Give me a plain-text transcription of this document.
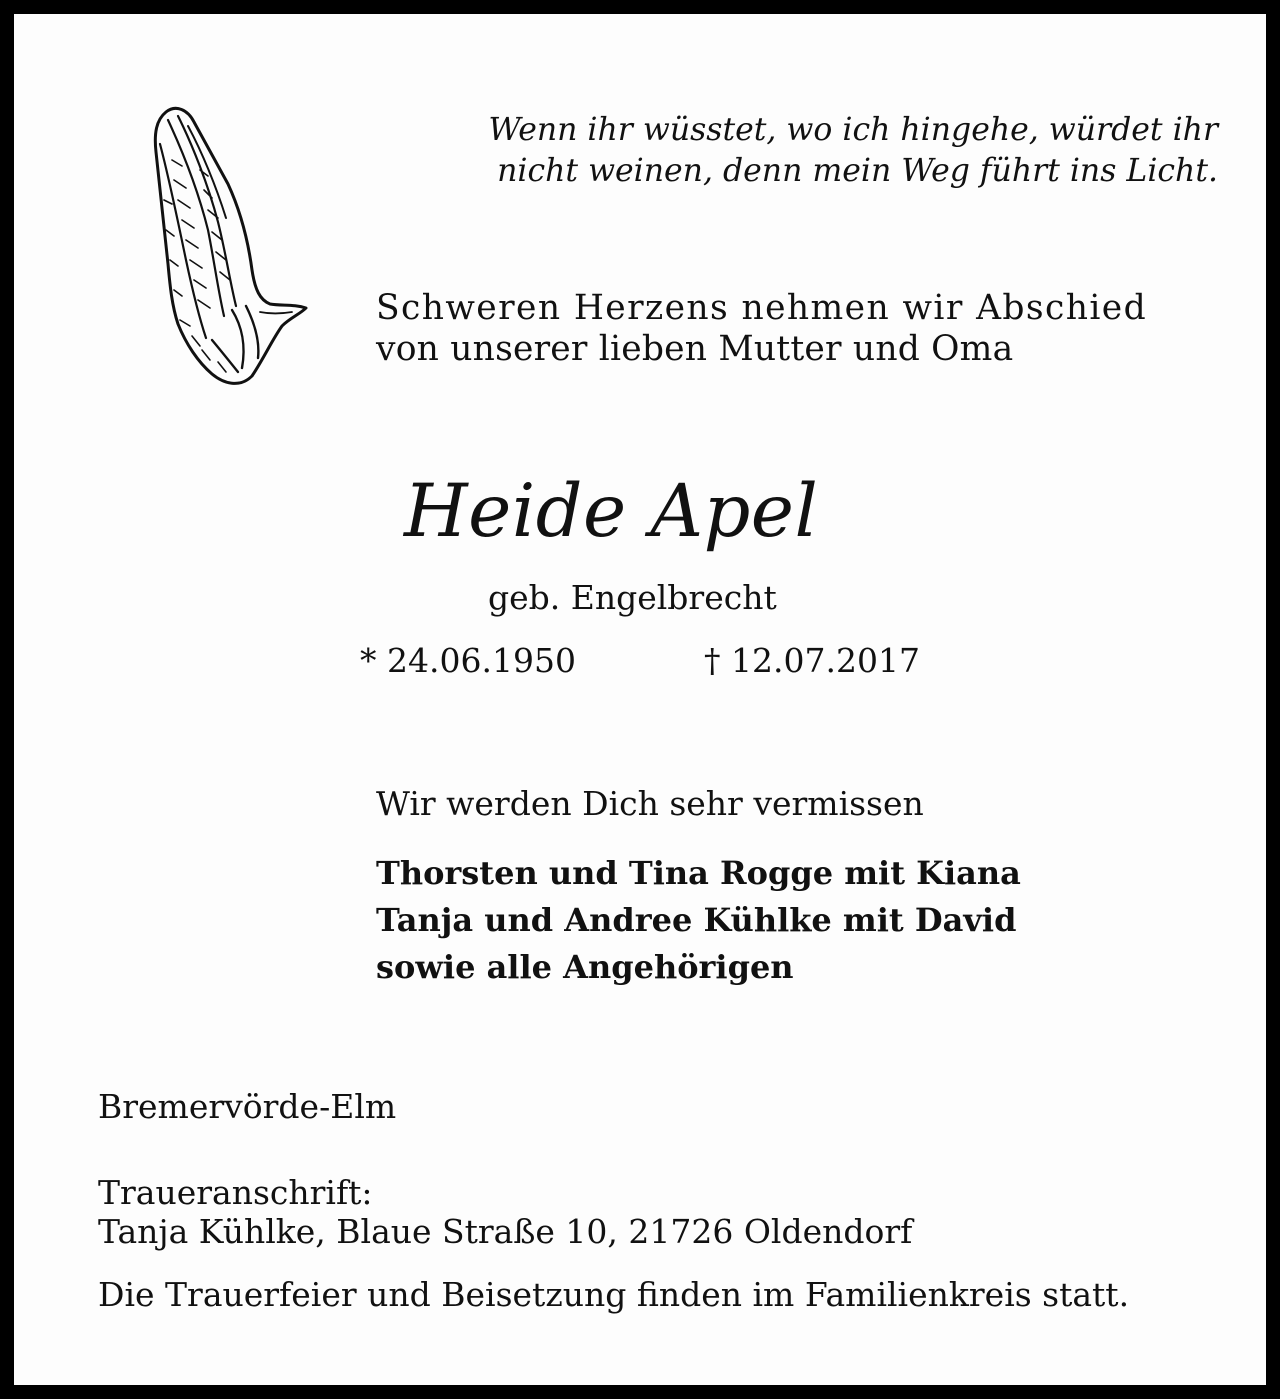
Wenn ihr wüsstet, wo ich hingehe, würdet ihr
nicht weinen, denn mein Weg führt ins Licht.
Schweren Herzens nehmen wir Abschied
von unserer lieben Mutter und Oma
Heide Apel
geb. Engelbrecht
* 24.06.1950	† 12.07.2017
Wir werden Dich sehr vermissen
Thorsten und Tina Rogge mit Kiana
Tanja und Andree Kühlke mit David
sowie alle Angehörigen
Bremervörde-Elm
Traueranschrift:
Tanja Kühlke, Blaue Straße 10, 21726 Oldendorf
Die Trauerfeier und Beisetzung finden im Familienkreis statt.
